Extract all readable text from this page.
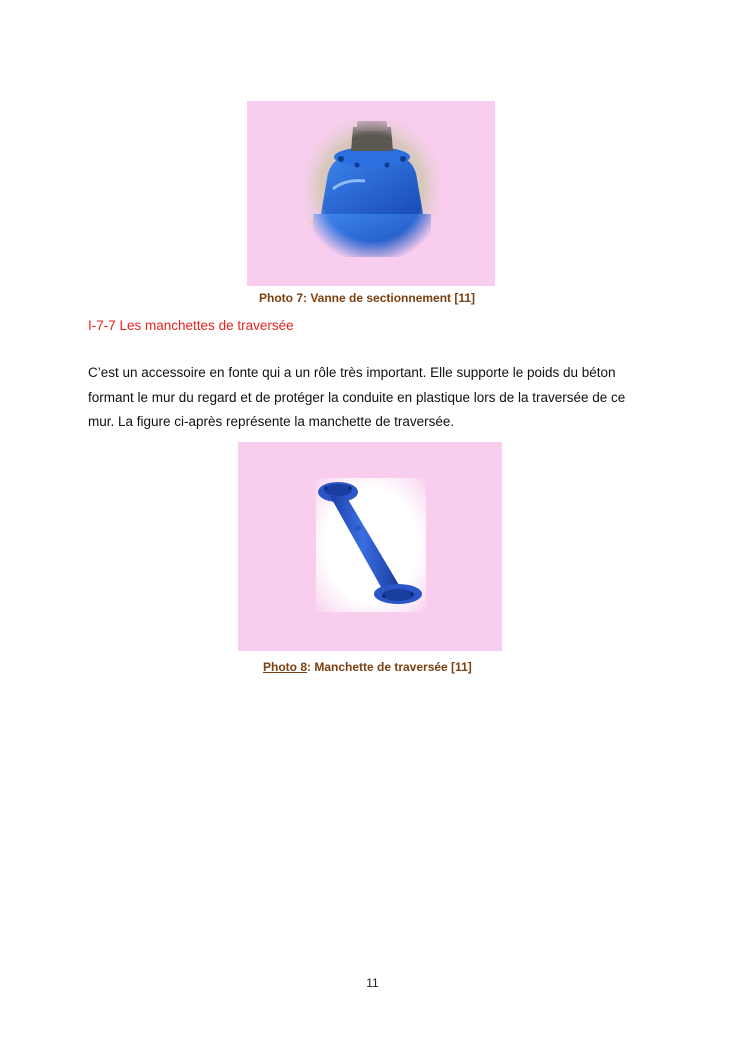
Photo 7: Vanne de sectionnement [11]
I-7-7 Les manchettes de traversée
C’est un accessoire en fonte qui a un rôle très important. Elle supporte le poids du béton
formant le mur du regard et de protéger la conduite en plastique lors de la traversée de ce
mur. La figure ci-après représente la manchette de traversée.
Photo 8: Manchette de traversée [11]
11
